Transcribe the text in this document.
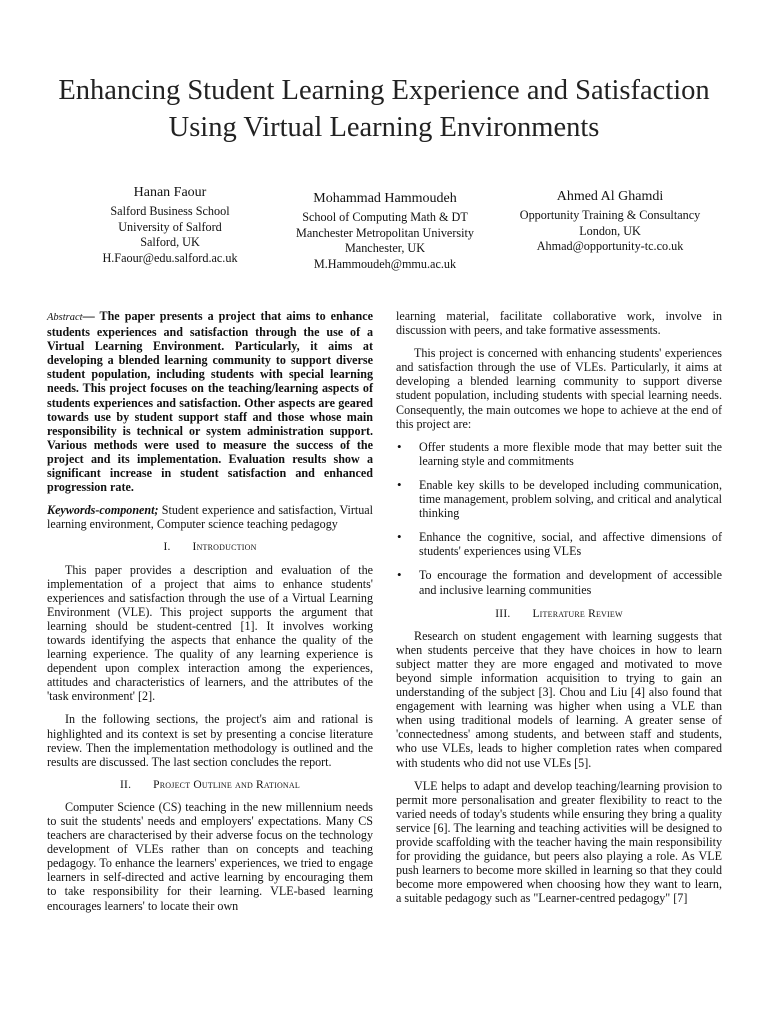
Enhancing Student Learning Experience and Satisfaction Using Virtual Learning Environments
Hanan Faour
Salford Business School
University of Salford
Salford, UK
H.Faour@edu.salford.ac.uk
Mohammad Hammoudeh
School of Computing Math & DT
Manchester Metropolitan University
Manchester, UK
M.Hammoudeh@mmu.ac.uk
Ahmed Al Ghamdi
Opportunity Training & Consultancy
London, UK
Ahmad@opportunity-tc.co.uk

Abstract— The paper presents a project that aims to enhance students experiences and satisfaction through the use of a Virtual Learning Environment. Particularly, it aims at developing a blended learning community to support diverse student population, including students with special learning needs. This project focuses on the teaching/learning aspects of students experiences and satisfaction. Other aspects are geared towards use by student support staff and those whose main responsibility is technical or system administration support. Various methods were used to measure the success of the project and its implementation. Evaluation results show a significant increase in student satisfaction and enhanced progression rate.

Keywords-component; Student experience and satisfaction, Virtual learning environment, Computer science teaching pedagogy

I. Introduction

This paper provides a description and evaluation of the implementation of a project that aims to enhance students' experiences and satisfaction through the use of a Virtual Learning Environment (VLE). This project supports the argument that learning should be student-centred [1]. It involves working towards identifying the aspects that enhance the quality of the learning experience. The quality of any learning experience is dependent upon complex interaction among the experiences, attitudes and characteristics of learners, and the attributes of the 'task environment' [2].

In the following sections, the project's aim and rational is highlighted and its context is set by presenting a concise literature review. Then the implementation methodology is outlined and the results are discussed. The last section concludes the report.

II. Project Outline and Rational

Computer Science (CS) teaching in the new millennium needs to suit the students' needs and employers' expectations. Many CS teachers are characterised by their adverse focus on the technology development of VLEs rather than on concepts and teaching pedagogy. To enhance the learners' experiences, we tried to engage learners in self-directed and active learning by encouraging them to take responsibility for their learning. VLE-based learning encourages learners' to locate their own

learning material, facilitate collaborative work, involve in discussion with peers, and take formative assessments.

This project is concerned with enhancing students' experiences and satisfaction through the use of VLEs. Particularly, it aims at developing a blended learning community to support diverse student population, including students with special learning needs. Consequently, the main outcomes we hope to achieve at the end of this project are:

• Offer students a more flexible mode that may better suit the learning style and commitments
• Enable key skills to be developed including communication, time management, problem solving, and critical and analytical thinking
• Enhance the cognitive, social, and affective dimensions of students' experiences using VLEs
• To encourage the formation and development of accessible and inclusive learning communities
III. Literature Review

Research on student engagement with learning suggests that when students perceive that they have choices in how to learn subject matter they are more engaged and motivated to move beyond simple information acquisition to trying to gain an understanding of the subject [3]. Chou and Liu [4] also found that engagement with learning was higher when using a VLE than when using traditional models of learning. A greater sense of 'connectedness' among students, and between staff and students, who use VLEs, leads to higher completion rates when compared with students who did not use VLEs [5].

VLE helps to adapt and develop teaching/learning provision to permit more personalisation and greater flexibility to react to the varied needs of today's students while ensuring they bring a quality service [6]. The learning and teaching activities will be designed to provide scaffolding with the teacher having the main responsibility for providing the guidance, but peers also playing a role. As VLE push learners to become more skilled in learning so that they could become more empowered when choosing how they want to learn, a suitable pedagogy such as "Learner-centred pedagogy" [7]
